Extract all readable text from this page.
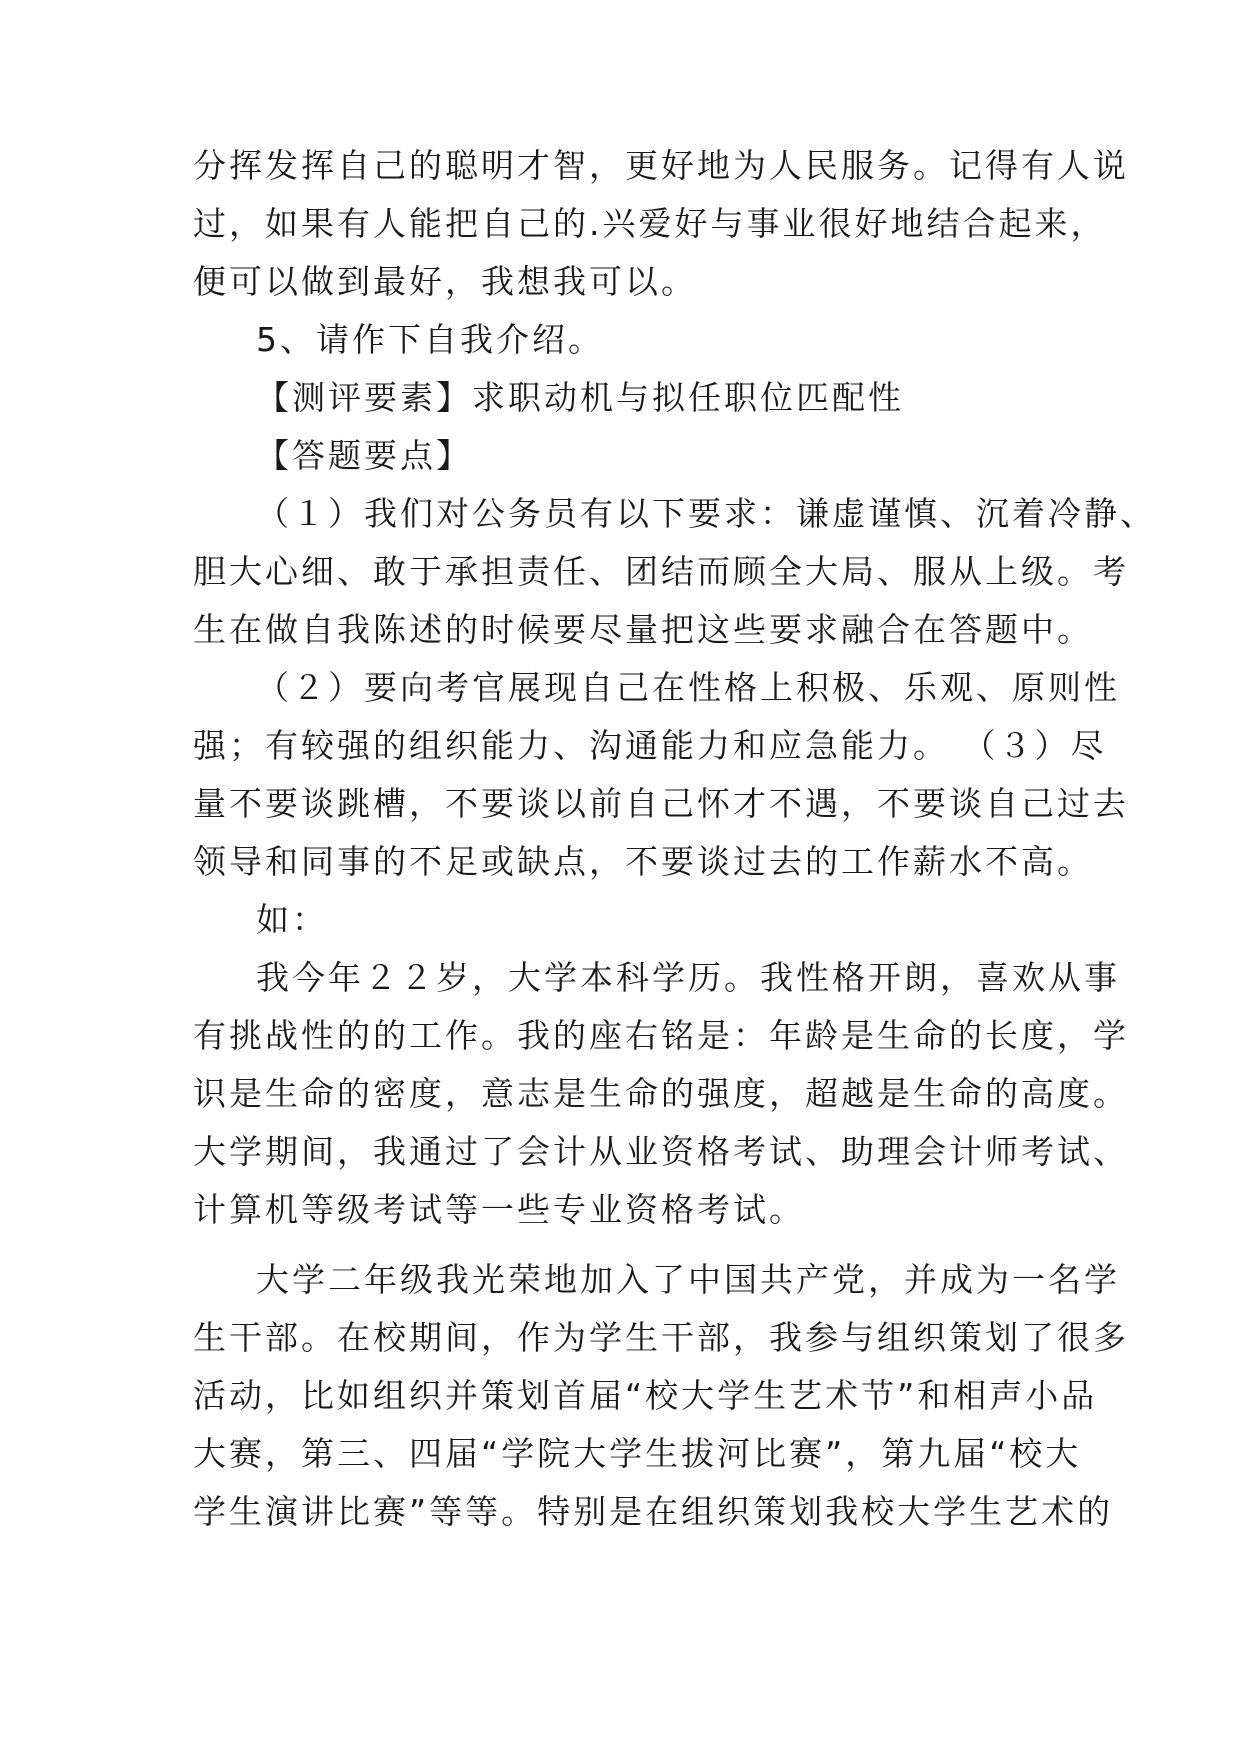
分挥发挥自己的聪明才智，更好地为人民服务。记得有人说
过，如果有人能把自己的.兴爱好与事业很好地结合起来，
便可以做到最好，我想我可以。
5、请作下自我介绍。
【测评要素】求职动机与拟任职位匹配性
【答题要点】
（１）我们对公务员有以下要求：谦虚谨慎、沉着冷静、
胆大心细、敢于承担责任、团结而顾全大局、服从上级。考
生在做自我陈述的时候要尽量把这些要求融合在答题中。
（２）要向考官展现自己在性格上积极、乐观、原则性
强；有较强的组织能力、沟通能力和应急能力。 （３）尽
量不要谈跳槽，不要谈以前自己怀才不遇，不要谈自己过去
领导和同事的不足或缺点，不要谈过去的工作薪水不高。
如：
我今年２２岁，大学本科学历。我性格开朗，喜欢从事
有挑战性的的工作。我的座右铭是：年龄是生命的长度，学
识是生命的密度，意志是生命的强度，超越是生命的高度。
大学期间，我通过了会计从业资格考试、助理会计师考试、
计算机等级考试等一些专业资格考试。
大学二年级我光荣地加入了中国共产党，并成为一名学
生干部。在校期间，作为学生干部，我参与组织策划了很多
活动，比如组织并策划首届“校大学生艺术节”和相声小品
大赛，第三、四届“学院大学生拔河比赛”，第九届“校大
学生演讲比赛”等等。特别是在组织策划我校大学生艺术的
